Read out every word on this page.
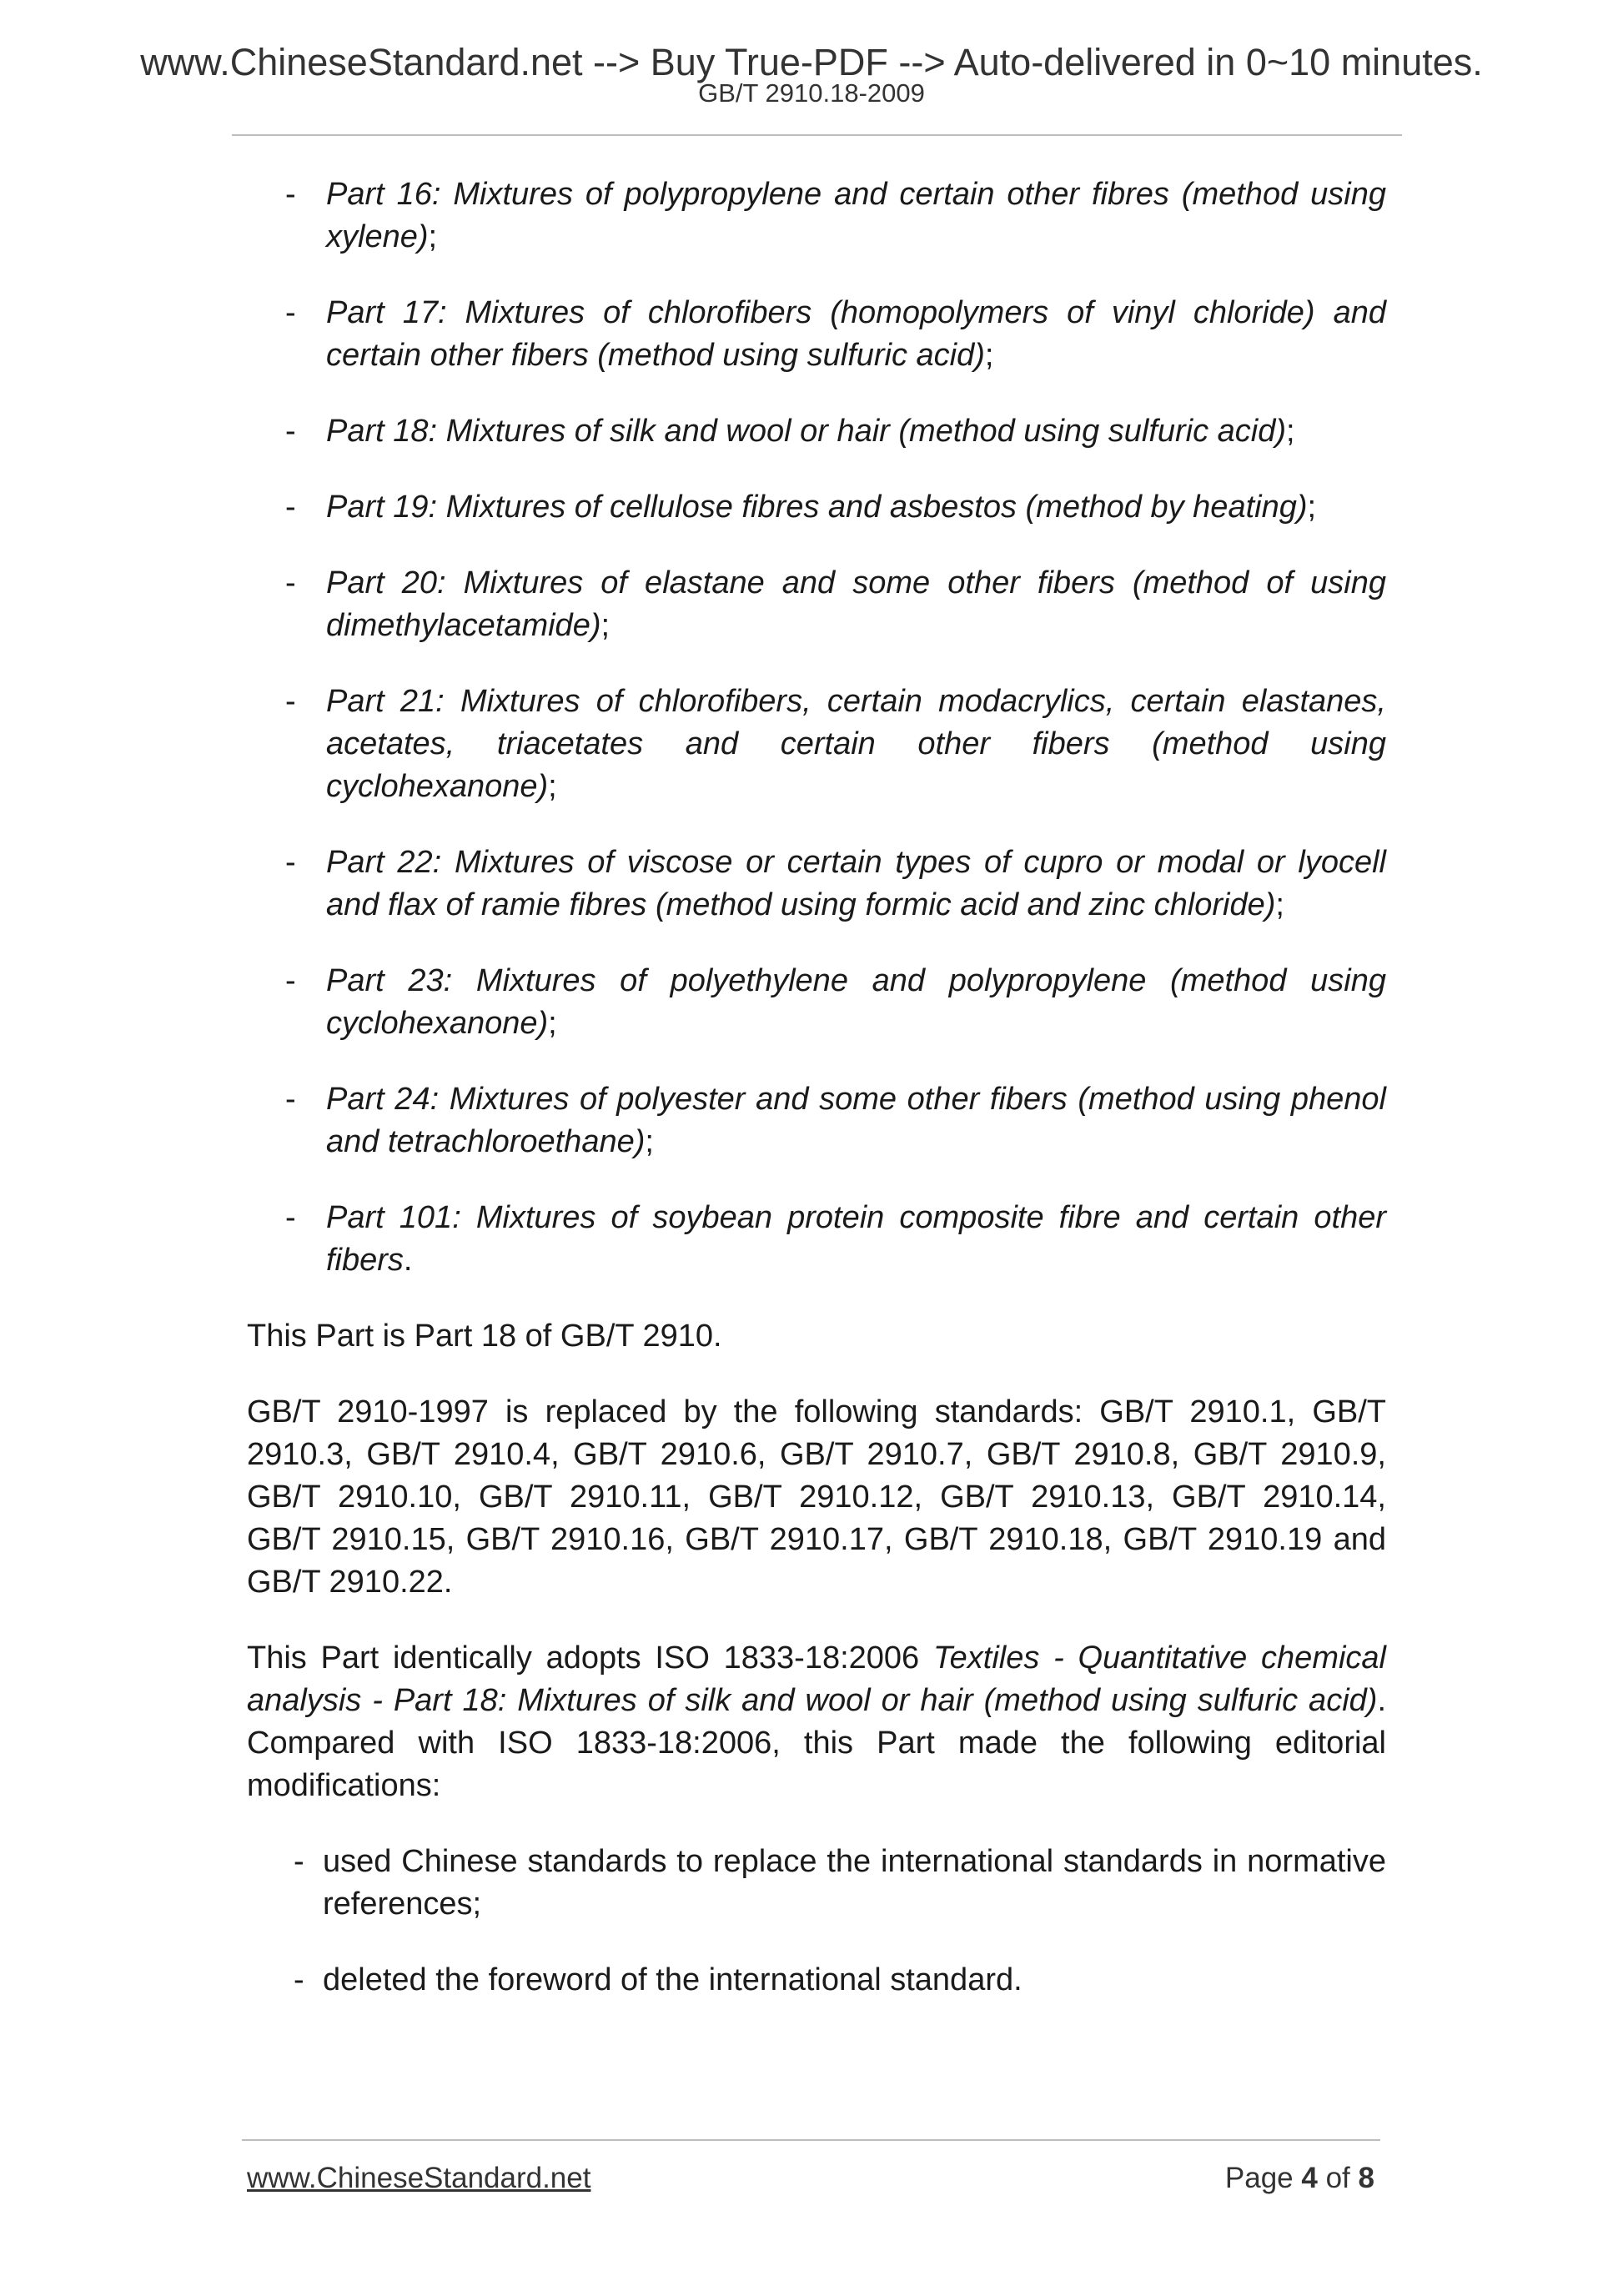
www.ChineseStandard.net --> Buy True-PDF --> Auto-delivered in 0~10 minutes.
GB/T 2910.18-2009
- Part 16: Mixtures of polypropylene and certain other fibres (method using xylene);
- Part 17: Mixtures of chlorofibers (homopolymers of vinyl chloride) and certain other fibers (method using sulfuric acid);
- Part 18: Mixtures of silk and wool or hair (method using sulfuric acid);
- Part 19: Mixtures of cellulose fibres and asbestos (method by heating);
- Part 20: Mixtures of elastane and some other fibers (method of using dimethylacetamide);
- Part 21: Mixtures of chlorofibers, certain modacrylics, certain elastanes, acetates, triacetates and certain other fibers (method using cyclohexanone);
- Part 22: Mixtures of viscose or certain types of cupro or modal or lyocell and flax of ramie fibres (method using formic acid and zinc chloride);
- Part 23: Mixtures of polyethylene and polypropylene (method using cyclohexanone);
- Part 24: Mixtures of polyester and some other fibers (method using phenol and tetrachloroethane);
- Part 101: Mixtures of soybean protein composite fibre and certain other fibers.

This Part is Part 18 of GB/T 2910.

GB/T 2910-1997 is replaced by the following standards: GB/T 2910.1, GB/T 2910.3, GB/T 2910.4, GB/T 2910.6, GB/T 2910.7, GB/T 2910.8, GB/T 2910.9, GB/T 2910.10, GB/T 2910.11, GB/T 2910.12, GB/T 2910.13, GB/T 2910.14, GB/T 2910.15, GB/T 2910.16, GB/T 2910.17, GB/T 2910.18, GB/T 2910.19 and GB/T 2910.22.

This Part identically adopts ISO 1833-18:2006 Textiles - Quantitative chemical analysis - Part 18: Mixtures of silk and wool or hair (method using sulfuric acid). Compared with ISO 1833-18:2006, this Part made the following editorial modifications:

- used Chinese standards to replace the international standards in normative references;
- deleted the foreword of the international standard.
www.ChineseStandard.net	Page 4 of 8
